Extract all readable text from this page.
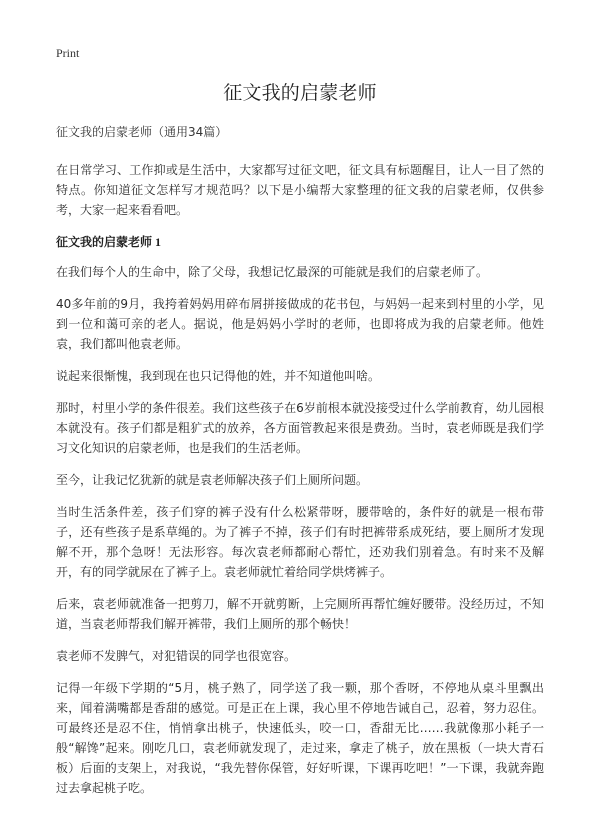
Print
征文我的启蒙老师

征文我的启蒙老师（通用34篇）

在日常学习、工作抑或是生活中，大家都写过征文吧，征文具有标题醒目，让人一目了然的特点。你知道征文怎样写才规范吗？以下是小编帮大家整理的征文我的启蒙老师，仅供参考，大家一起来看看吧。

征文我的启蒙老师 1

在我们每个人的生命中，除了父母，我想记忆最深的可能就是我们的启蒙老师了。

40多年前的9月，我挎着妈妈用碎布屑拼接做成的花书包，与妈妈一起来到村里的小学，见到一位和蔼可亲的老人。据说，他是妈妈小学时的老师，也即将成为我的启蒙老师。他姓袁，我们都叫他袁老师。

说起来很惭愧，我到现在也只记得他的姓，并不知道他叫啥。

那时，村里小学的条件很差。我们这些孩子在6岁前根本就没接受过什么学前教育，幼儿园根本就没有。孩子们都是粗犷式的放养，各方面管教起来很是费劲。当时，袁老师既是我们学习文化知识的启蒙老师，也是我们的生活老师。

至今，让我记忆犹新的就是袁老师解决孩子们上厕所问题。

当时生活条件差，孩子们穿的裤子没有什么松紧带呀，腰带啥的，条件好的就是一根布带子，还有些孩子是系草绳的。为了裤子不掉，孩子们有时把裤带系成死结，要上厕所才发现解不开，那个急呀！无法形容。每次袁老师都耐心帮忙，还劝我们别着急。有时来不及解开，有的同学就尿在了裤子上。袁老师就忙着给同学烘烤裤子。

后来，袁老师就准备一把剪刀，解不开就剪断，上完厕所再帮忙缠好腰带。没经历过，不知道，当袁老师帮我们解开裤带，我们上厕所的那个畅快！

袁老师不发脾气，对犯错误的同学也很宽容。

记得一年级下学期的“5月，桃子熟了，同学送了我一颗，那个香呀，不停地从桌斗里飘出来，闻着满嘴都是香甜的感觉。可是正在上课，我心里不停地告诫自己，忍着，努力忍住。可最终还是忍不住，悄悄拿出桃子，快速低头，咬一口，香甜无比……我就像那小耗子一般“解馋”起来。刚吃几口，袁老师就发现了，走过来，拿走了桃子，放在黑板（一块大青石板）后面的支架上，对我说，“我先替你保管，好好听课，下课再吃吧！”一下课，我就奔跑过去拿起桃子吃。
